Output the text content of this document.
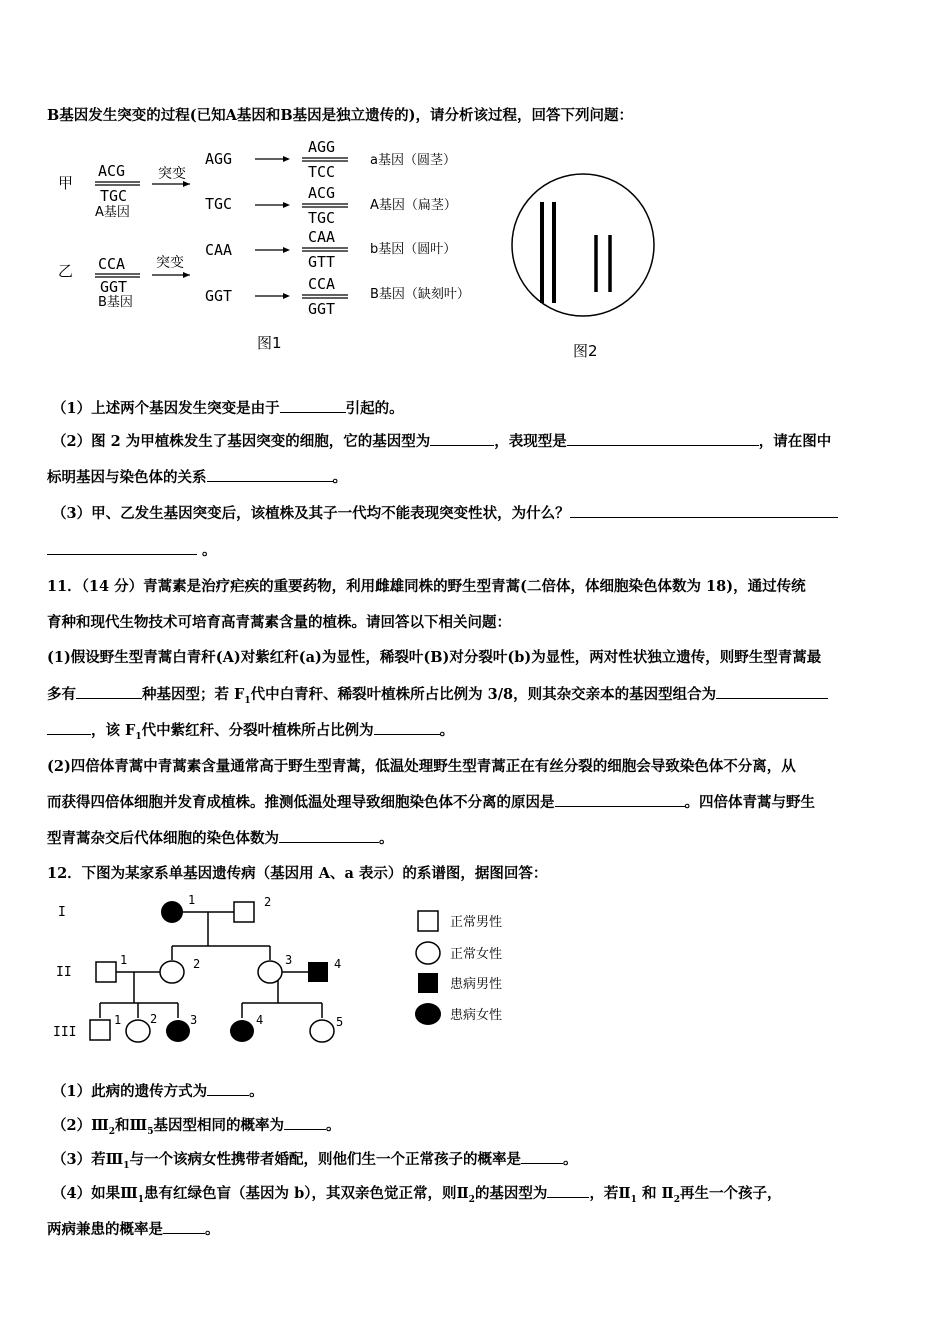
B基因发生突变的过程(已知A基因和B基因是独立遗传的)，请分析该过程，回答下列问题：
甲
ACG
TGC
A基因
突变
AGG
AGG
TCC
a基因（圆茎）
TGC
ACG
TGC
A基因（扁茎）
乙 CCA
GGT
B基因
突变
CAA
CAA
GTT
b基因（圆叶）
GGT
CCA
GGT
B基因（缺刻叶）
图1	图2
（1）上述两个基因发生突变是由于	引起的。
（2）图 2 为甲植株发生了基因突变的细胞，它的基因型为	，表现型是	，请在图中
标明基因与染色体的关系	。
（3）甲、乙发生基因突变后，该植株及其子一代均不能表现突变性状，为什么？
。
11．（14 分）青蒿素是治疗疟疾的重要药物，利用雌雄同株的野生型青蒿(二倍体，体细胞染色体数为 18)，通过传统
育种和现代生物技术可培育高青蒿素含量的植株。请回答以下相关问题：
(1)假设野生型青蒿白青秆(A)对紫红秆(a)为显性，稀裂叶(B)对分裂叶(b)为显性，两对性状独立遗传，则野生型青蒿最
多有	种基因型；若 $F_1$代中白青秆、稀裂叶植株所占比例为 3/8，则其杂交亲本的基因型组合为
，该 $F_1$代中紫红秆、分裂叶植株所占比例为	。
(2)四倍体青蒿中青蒿素含量通常高于野生型青蒿，低温处理野生型青蒿正在有丝分裂的细胞会导致染色体不分离，从
而获得四倍体细胞并发育成植株。推测低温处理导致细胞染色体不分离的原因是	。四倍体青蒿与野生
型青蒿杂交后代体细胞的染色体数为	。
12．下图为某家系单基因遗传病（基因用 A、a 表示）的系谱图，据图回答：
I
II
III
1	2
1	2	3	4
1 2	3	4	5
正常男性
正常女性
患病男性
患病女性
（1）此病的遗传方式为	。
$(2)Ⅲ_2$和$Ⅲ_5$基因型相同的概率为	。
（3）若$Ⅲ_1$与一个该病女性携带者婚配，则他们生一个正常孩子的概率是	。
（4）如果$Ⅲ_1$患有红绿色盲（基因为 b），其双亲色觉正常，则$Ⅱ_2$的基因型为	，若$Ⅱ_1$ 和 $Ⅱ_2$再生一个孩子，
两病兼患的概率是	。
